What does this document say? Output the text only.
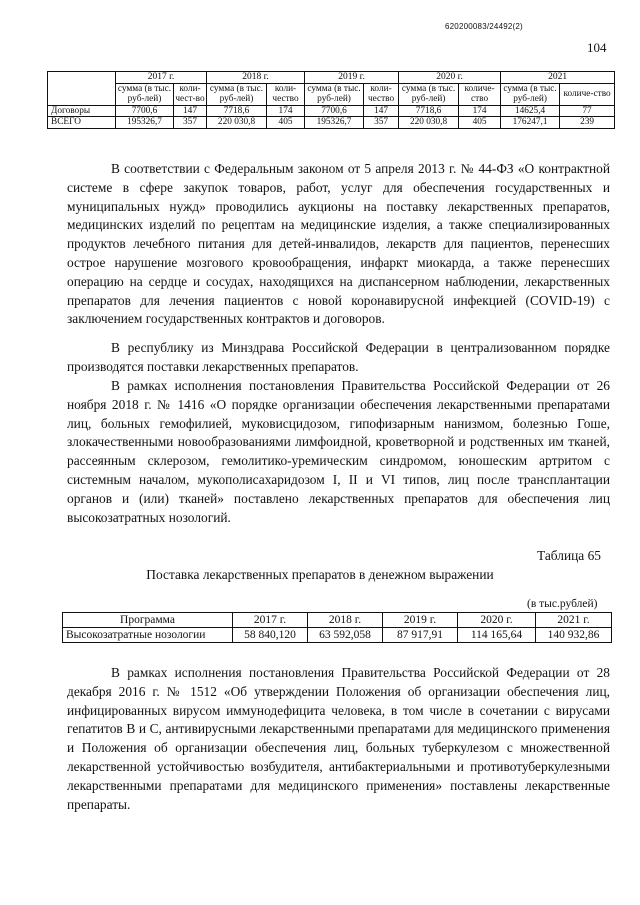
620200083/24492(2)
104
	2017 г.		2018 г.		2019 г.		2020 г.		2021	
	сумма (в тыс. руб-лей)	коли-чест-во	сумма (в тыс. руб-лей)	коли-чество	сумма (в тыс. руб-лей)	коли-чество	сумма (в тыс. руб-лей)	количе-ство	сумма (в тыс. руб-лей)	количе-ство
Договоры	7700,6	147	7718,6	174	7700,6	147	7718,6	174	14625,4	77
ВСЕГО	195326,7	357	220 030,8	405	195326,7	357	220 030,8	405	176247,1	239

В соответствии с Федеральным законом от 5 апреля 2013 г. № 44-ФЗ «О контрактной системе в сфере закупок товаров, работ, услуг для обеспечения государственных и муниципальных нужд» проводились аукционы на поставку лекарственных препаратов, медицинских изделий по рецептам на медицинские изделия, а также специализированных продуктов лечебного питания для детей-инвалидов, лекарств для пациентов, перенесших острое нарушение мозгового кровообращения, инфаркт миокарда, а также перенесших операцию на сердце и сосудах, находящихся на диспансерном наблюдении, лекарственных препаратов для лечения пациентов с новой коронавирусной инфекцией (COVID-19) с заключением государственных контрактов и договоров.

В республику из Минздрава Российской Федерации в централизованном порядке производятся поставки лекарственных препаратов.

В рамках исполнения постановления Правительства Российской Федерации от 26 ноября 2018 г. № 1416 «О порядке организации обеспечения лекарственными препаратами лиц, больных гемофилией, муковисцидозом, гипофизарным нанизмом, болезнью Гоше, злокачественными новообразованиями лимфоидной, кроветворной и родственных им тканей, рассеянным склерозом, гемолитико-уремическим синдромом, юношеским артритом с системным началом, мукополисахаридозом I, II и VI типов, лиц после трансплантации органов и (или) тканей» поставлено лекарственных препаратов для обеспечения лиц высокозатратных нозологий.

Таблица 65
Поставка лекарственных препаратов в денежном выражении
(в тыс.рублей)
Программа	2017 г.	2018 г.	2019 г.	2020 г.	2021 г.
Высокозатратные нозологии	58 840,120	63 592,058	87 917,91	114 165,64	140 932,86

В рамках исполнения постановления Правительства Российской Федерации от 28 декабря 2016 г. № 1512 «Об утверждении Положения об организации обеспечения лиц, инфицированных вирусом иммунодефицита человека, в том числе в сочетании с вирусами гепатитов B и C, антивирусными лекарственными препаратами для медицинского применения и Положения об организации обеспечения лиц, больных туберкулезом с множественной лекарственной устойчивостью возбудителя, антибактериальными и противотуберкулезными лекарственными препаратами для медицинского применения» поставлены лекарственные препараты.
